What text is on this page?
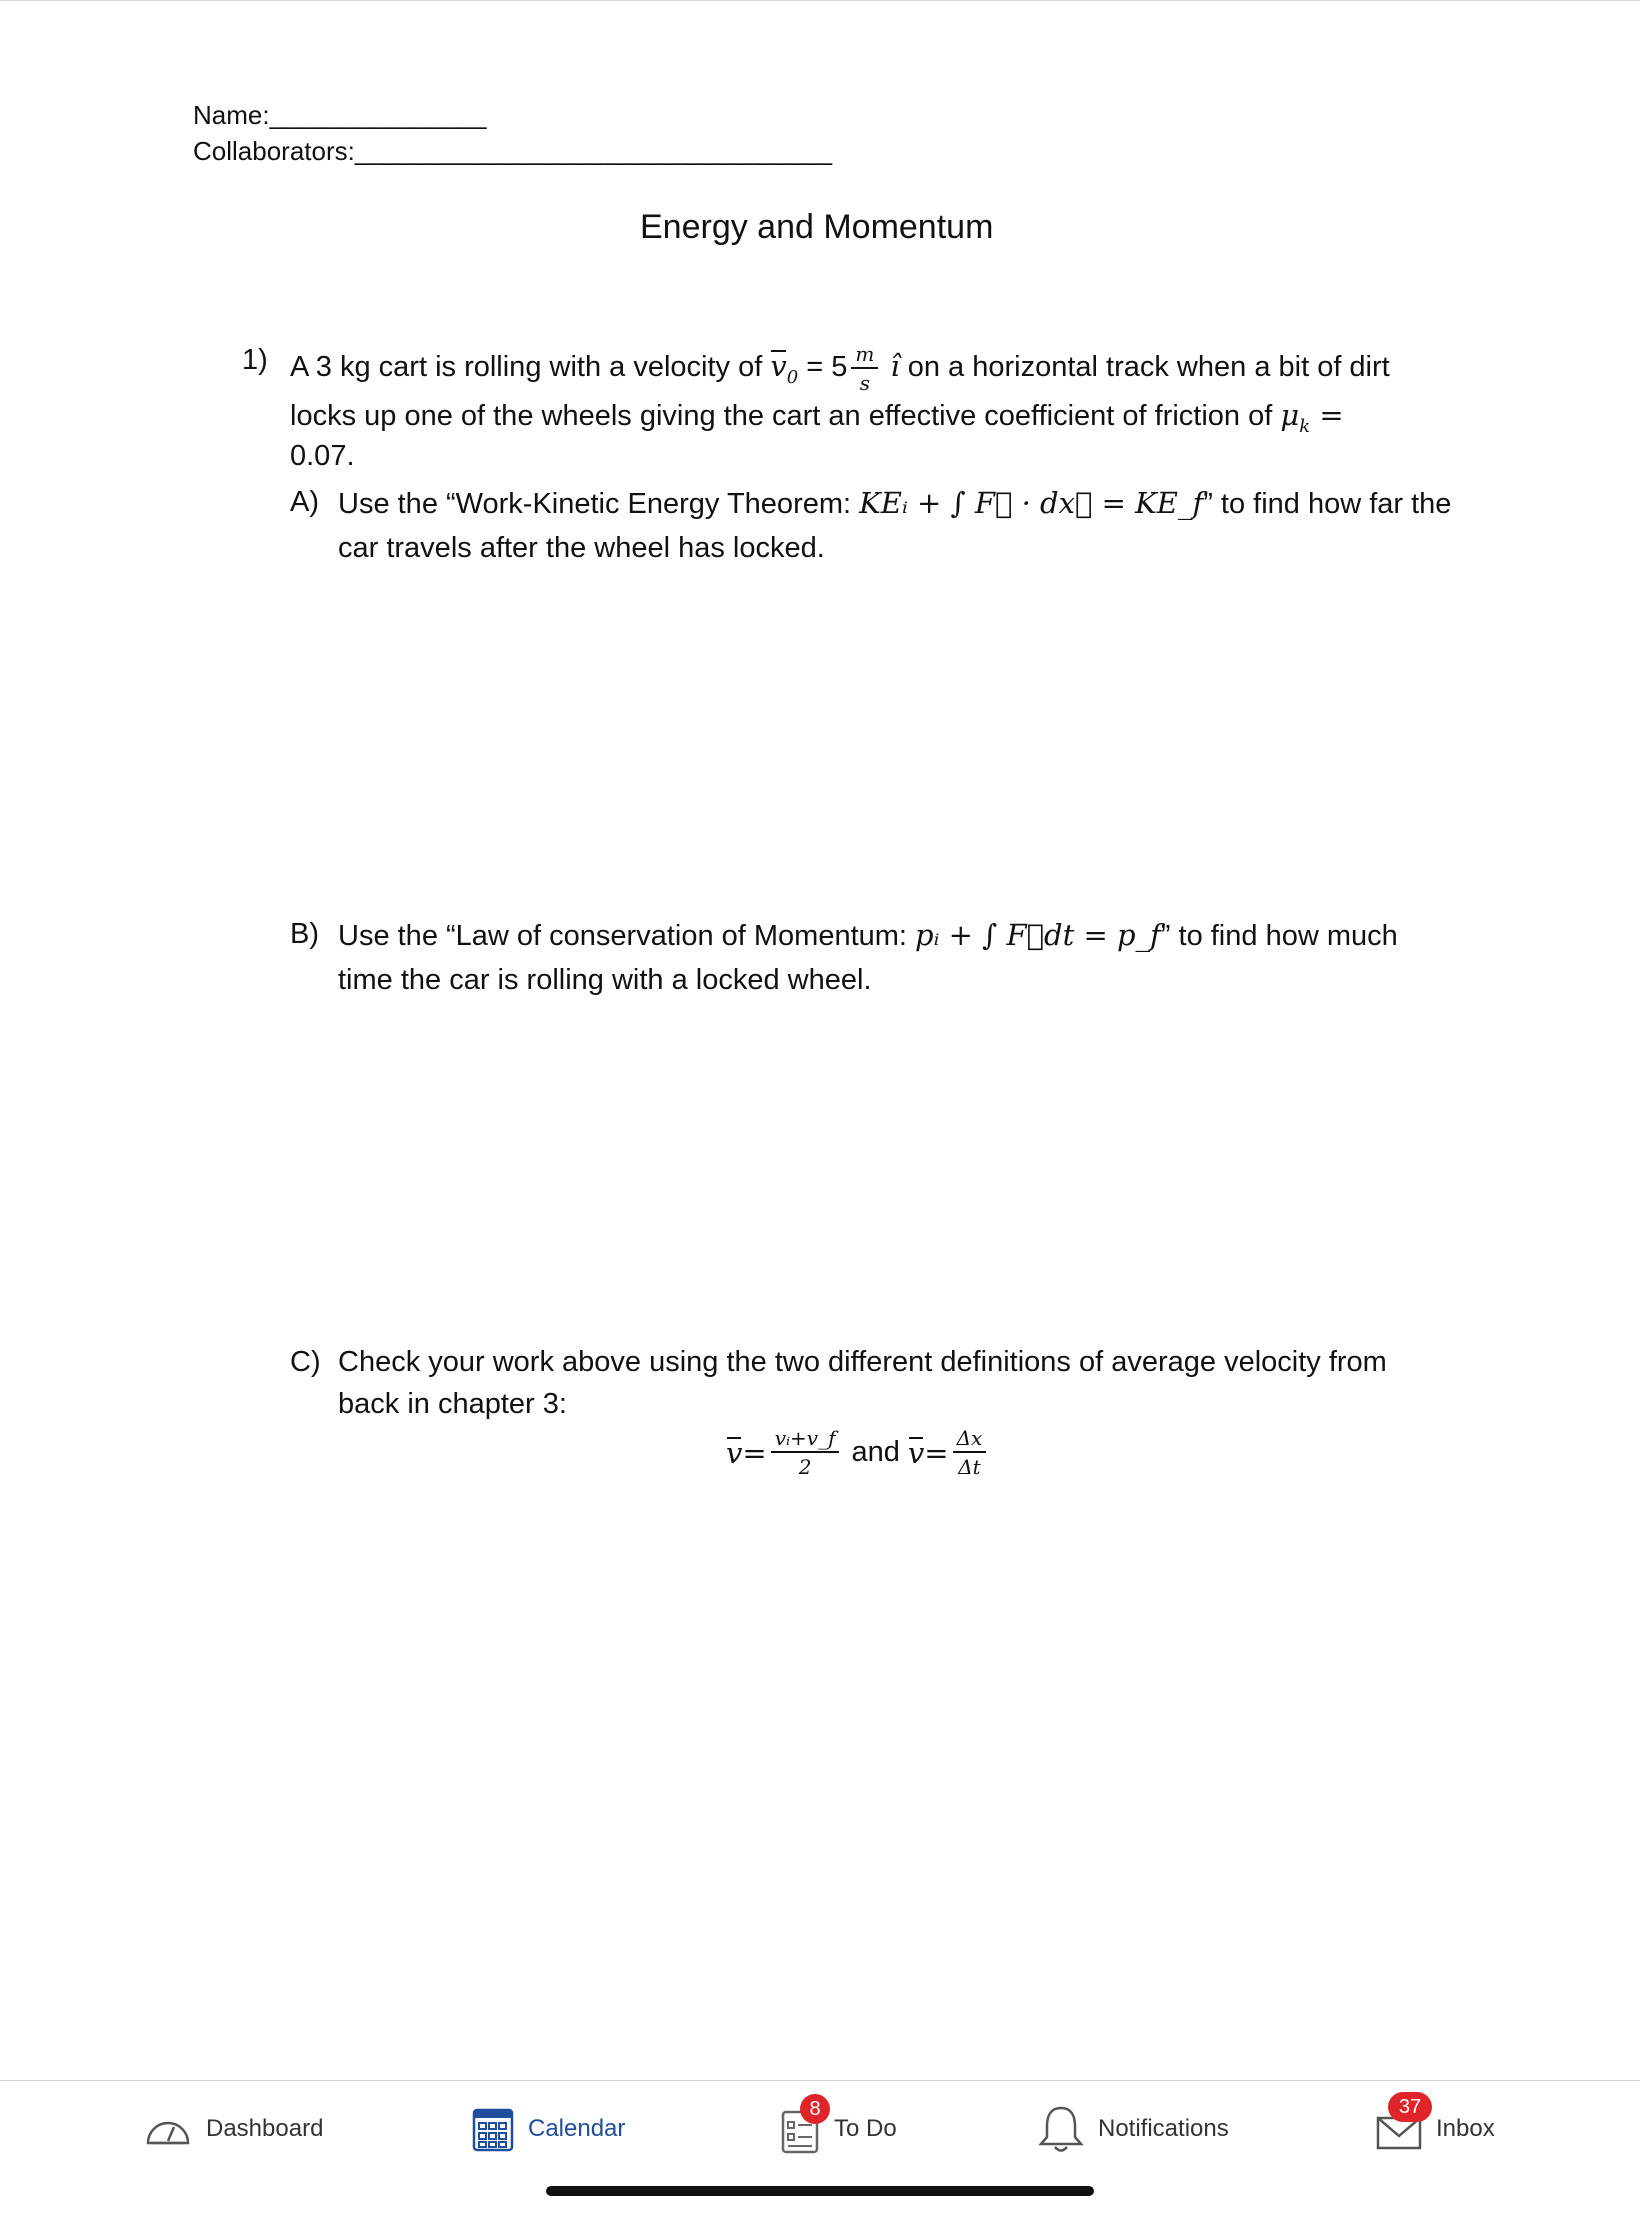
Name:_______________
Collaborators:_________________________________
Energy and Momentum
1) A 3 kg cart is rolling with a velocity of $v_0 = 5 \frac{m}{s}$ î on a horizontal track when a bit of dirt
locks up one of the wheels giving the cart an effective coefficient of friction of $\mu_k$ =
0.07.
A) Use the “Work-Kinetic Energy Theorem: KEᵢ + ∫ F⃗ · dx⃗ = KE_f” to find how far the
car travels after the wheel has locked.
B) Use the “Law of conservation of Momentum: pᵢ + ∫ F⃗dt = p_f” to find how much
time the car is rolling with a locked wheel.
C) Check your work above using the two different definitions of average velocity from
back in chapter 3:
$v = \frac{\text{vᵢ+v\_f}}{2}$ and $v = \frac{\Delta x}{\Delta t}$
Dashboard	Calendar
8
To Do	Notifications
37
Inbox
